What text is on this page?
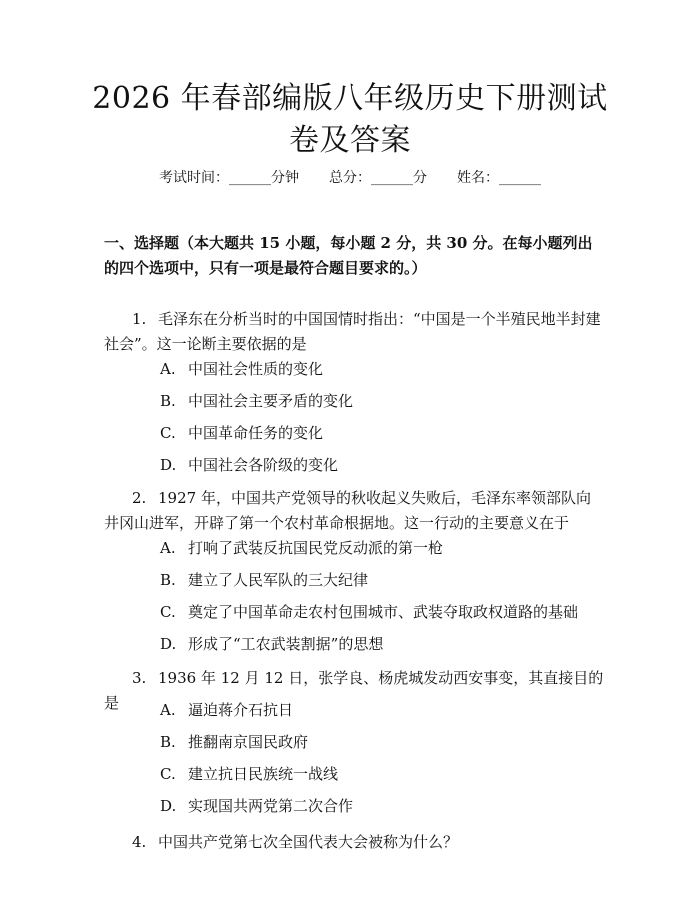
2026 年春部编版八年级历史下册测试卷及答案
考试时间：______分钟 总分：______分 姓名：______
一、选择题（本大题共 15 小题，每小题 2 分，共 30 分。在每小题列出的四个选项中，只有一项是最符合题目要求的。）
1. 毛泽东在分析当时的中国国情时指出：“中国是一个半殖民地半封建社会”。这一论断主要依据的是
A. 中国社会性质的变化
B. 中国社会主要矛盾的变化
C. 中国革命任务的变化
D. 中国社会各阶级的变化
2. 1927 年，中国共产党领导的秋收起义失败后，毛泽东率领部队向井冈山进军，开辟了第一个农村革命根据地。这一行动的主要意义在于
A. 打响了武装反抗国民党反动派的第一枪
B. 建立了人民军队的三大纪律
C. 奠定了中国革命走农村包围城市、武装夺取政权道路的基础
D. 形成了“工农武装割据”的思想
3. 1936 年 12 月 12 日，张学良、杨虎城发动西安事变，其直接目的是	A. 逼迫蒋介石抗日
B. 推翻南京国民政府
C. 建立抗日民族统一战线
D. 实现国共两党第二次合作
4. 中国共产党第七次全国代表大会被称为什么？
